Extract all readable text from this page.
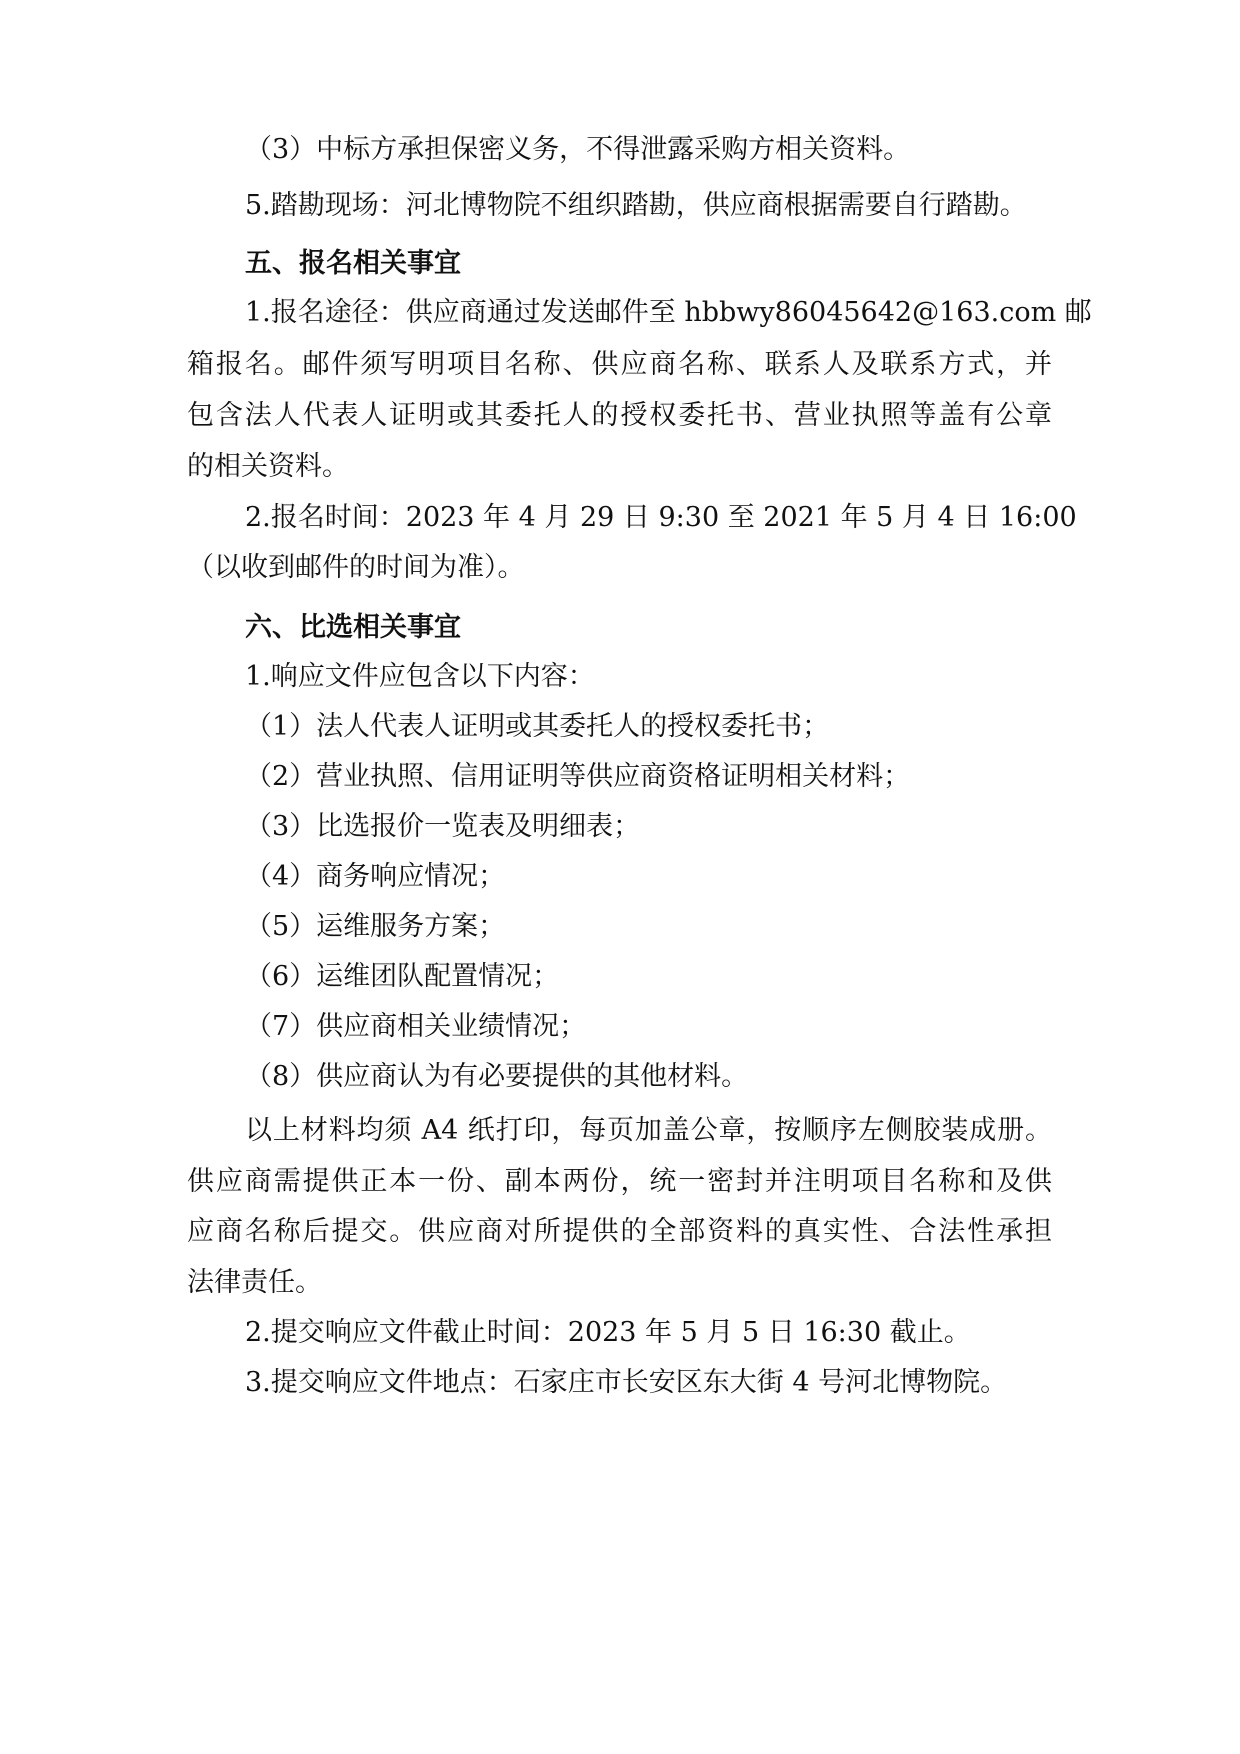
（3）中标方承担保密义务，不得泄露采购方相关资料。
5.踏勘现场：河北博物院不组织踏勘，供应商根据需要自行踏勘。
五、报名相关事宜
1.报名途径：供应商通过发送邮件至 hbbwy86045642@163.com 邮
箱报名。邮件须写明项目名称、供应商名称、联系人及联系方式，并
包含法人代表人证明或其委托人的授权委托书、营业执照等盖有公章
的相关资料。
2.报名时间：2023 年 4 月 29 日 9:30 至 2021 年 5 月 4 日 16:00
（以收到邮件的时间为准）。
六、比选相关事宜
1.响应文件应包含以下内容：
（1）法人代表人证明或其委托人的授权委托书；
（2）营业执照、信用证明等供应商资格证明相关材料；
（3）比选报价一览表及明细表；
（4）商务响应情况；
（5）运维服务方案；
（6）运维团队配置情况；
（7）供应商相关业绩情况；
（8）供应商认为有必要提供的其他材料。
以上材料均须 A4 纸打印，每页加盖公章，按顺序左侧胶装成册。
供应商需提供正本一份、副本两份，统一密封并注明项目名称和及供
应商名称后提交。供应商对所提供的全部资料的真实性、合法性承担
法律责任。
2.提交响应文件截止时间：2023 年 5 月 5 日 16:30 截止。
3.提交响应文件地点：石家庄市长安区东大街 4 号河北博物院。
